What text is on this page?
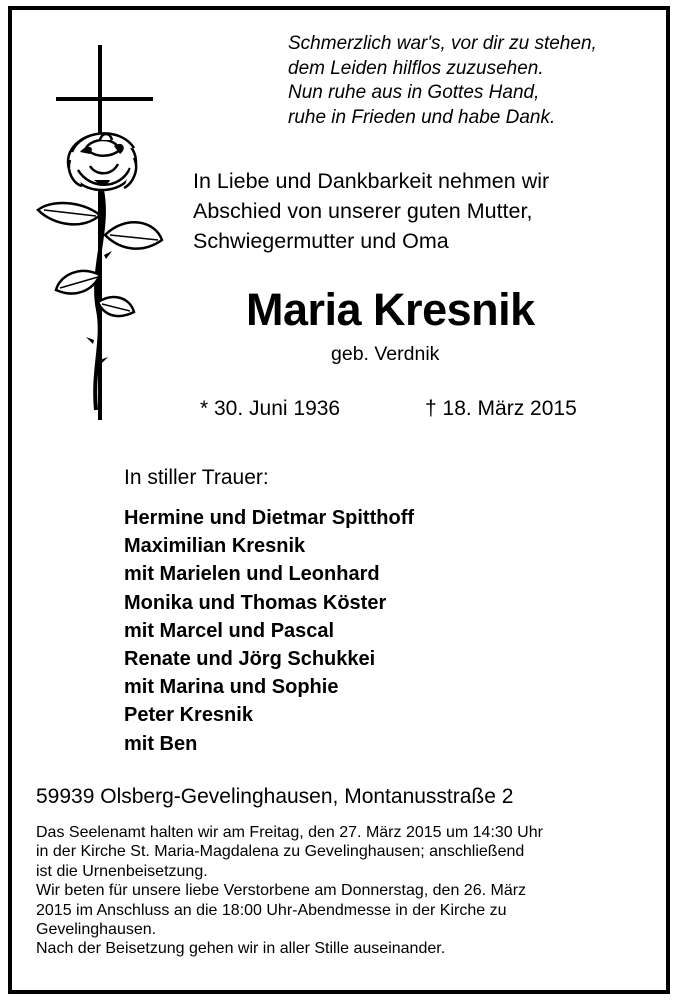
Schmerzlich war's, vor dir zu stehen,
dem Leiden hilflos zuzusehen.
Nun ruhe aus in Gottes Hand,
ruhe in Frieden und habe Dank.
In Liebe und Dankbarkeit nehmen wir
Abschied von unserer guten Mutter,
Schwiegermutter und Oma
Maria Kresnik
geb. Verdnik
* 30. Juni 1936	† 18. März 2015
In stiller Trauer:
Hermine und Dietmar Spitthoff
Maximilian Kresnik
mit Marielen und Leonhard
Monika und Thomas Köster
mit Marcel und Pascal
Renate und Jörg Schukkei
mit Marina und Sophie
Peter Kresnik
mit Ben
59939 Olsberg-Gevelinghausen, Montanusstraße 2
Das Seelenamt halten wir am Freitag, den 27. März 2015 um 14:30 Uhr
in der Kirche St. Maria-Magdalena zu Gevelinghausen; anschließend
ist die Urnenbeisetzung.
Wir beten für unsere liebe Verstorbene am Donnerstag, den 26. März
2015 im Anschluss an die 18:00 Uhr-Abendmesse in der Kirche zu
Gevelinghausen.
Nach der Beisetzung gehen wir in aller Stille auseinander.
